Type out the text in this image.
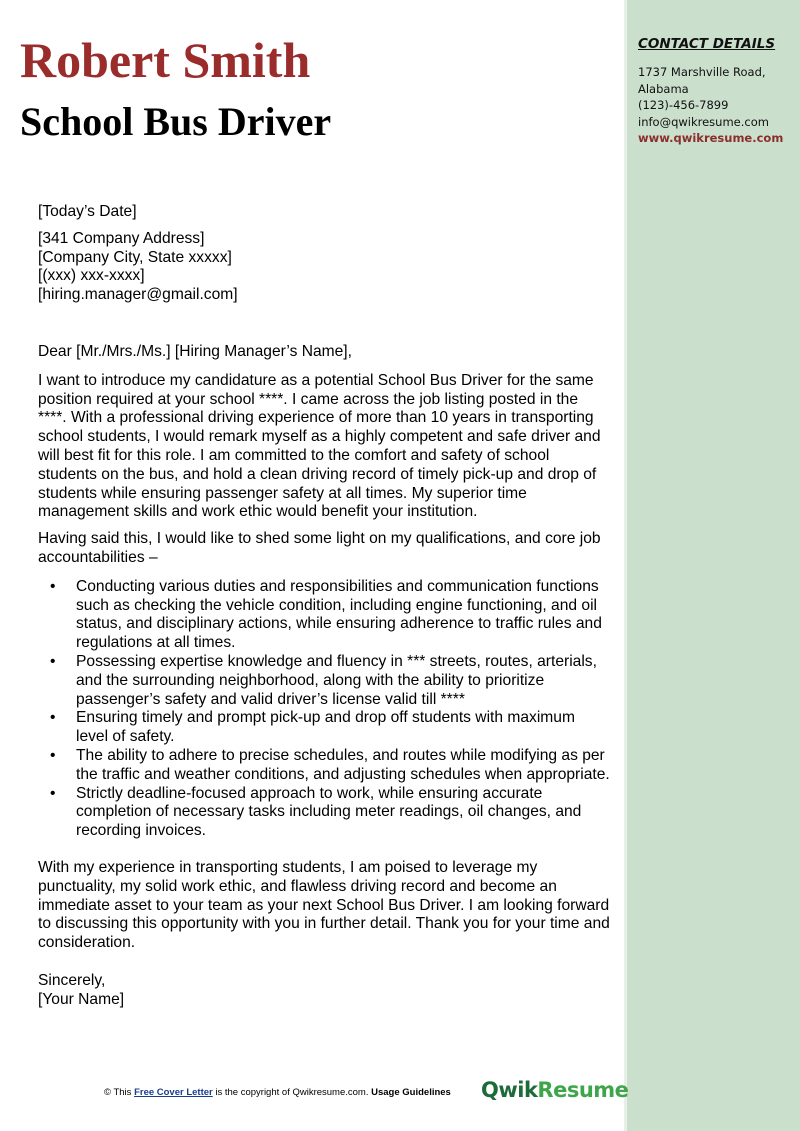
CONTACT DETAILS
1737 Marshville Road,
Alabama
(123)-456-7899
info@qwikresume.com
www.qwikresume.com
Robert Smith
School Bus Driver

[Today’s Date]

[341 Company Address]

[Company City, State xxxxx]

[(xxx) xxx-xxxx]

[hiring.manager@gmail.com]

Dear [Mr./Mrs./Ms.] [Hiring Manager’s Name],

I want to introduce my candidature as a potential School Bus Driver for the same position required at your school ****. I came across the job listing posted in the ****. With a professional driving experience of more than 10 years in transporting school students, I would remark myself as a highly competent and safe driver and will best fit for this role. I am committed to the comfort and safety of school students on the bus, and hold a clean driving record of timely pick-up and drop of students while ensuring passenger safety at all times. My superior time management skills and work ethic would benefit your institution.

Having said this, I would like to shed some light on my qualifications, and core job accountabilities –

• Conducting various duties and responsibilities and communication functions such as checking the vehicle condition, including engine functioning, and oil status, and disciplinary actions, while ensuring adherence to traffic rules and regulations at all times.
• Possessing expertise knowledge and fluency in *** streets, routes, arterials, and the surrounding neighborhood, along with the ability to prioritize passenger’s safety and valid driver’s license valid till ****
• Ensuring timely and prompt pick-up and drop off students with maximum level of safety.
• The ability to adhere to precise schedules, and routes while modifying as per the traffic and weather conditions, and adjusting schedules when appropriate.
• Strictly deadline-focused approach to work, while ensuring accurate completion of necessary tasks including meter readings, oil changes, and recording invoices.

With my experience in transporting students, I am poised to leverage my punctuality, my solid work ethic, and flawless driving record and become an immediate asset to your team as your next School Bus Driver. I am looking forward to discussing this opportunity with you in further detail. Thank you for your time and consideration.

Sincerely,

[Your Name]

© This Free Cover Letter is the copyright of Qwikresume.com. Usage Guidelines QwikResume
